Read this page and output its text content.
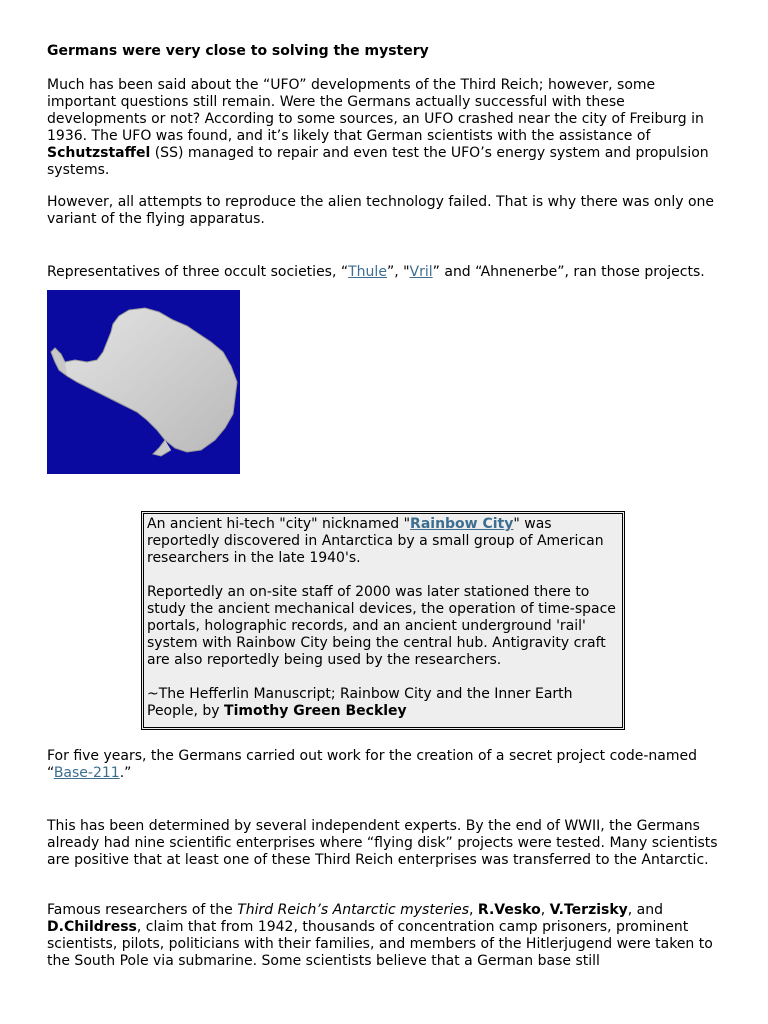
Germans were very close to solving the mystery

Much has been said about the “UFO” developments of the Third Reich; however, some important questions still remain. Were the Germans actually successful with these developments or not? According to some sources, an UFO crashed near the city of Freiburg in 1936. The UFO was found, and it’s likely that German scientists with the assistance of Schutzstaffel (SS) managed to repair and even test the UFO’s energy system and propulsion systems.

However, all attempts to reproduce the alien technology failed. That is why there was only one variant of the flying apparatus.

Representatives of three occult societies, “Thule”, "Vril” and “Ahnenerbe”, ran those projects.

An ancient hi-tech "city" nicknamed "Rainbow City" was reportedly discovered in Antarctica by a small group of American researchers in the late 1940's.

Reportedly an on-site staff of 2000 was later stationed there to study the ancient mechanical devices, the operation of time-space portals, holographic records, and an ancient underground 'rail' system with Rainbow City being the central hub. Antigravity craft are also reportedly being used by the researchers.

~The Hefferlin Manuscript; Rainbow City and the Inner Earth People, by Timothy Green Beckley

For five years, the Germans carried out work for the creation of a secret project code-named “Base-211.”

This has been determined by several independent experts. By the end of WWII, the Germans already had nine scientific enterprises where “flying disk” projects were tested. Many scientists are positive that at least one of these Third Reich enterprises was transferred to the Antarctic.

Famous researchers of the Third Reich’s Antarctic mysteries, R.Vesko, V.Terzisky, and D.Childress, claim that from 1942, thousands of concentration camp prisoners, prominent scientists, pilots, politicians with their families, and members of the Hitlerjugend were taken to the South Pole via submarine. Some scientists believe that a German base still
